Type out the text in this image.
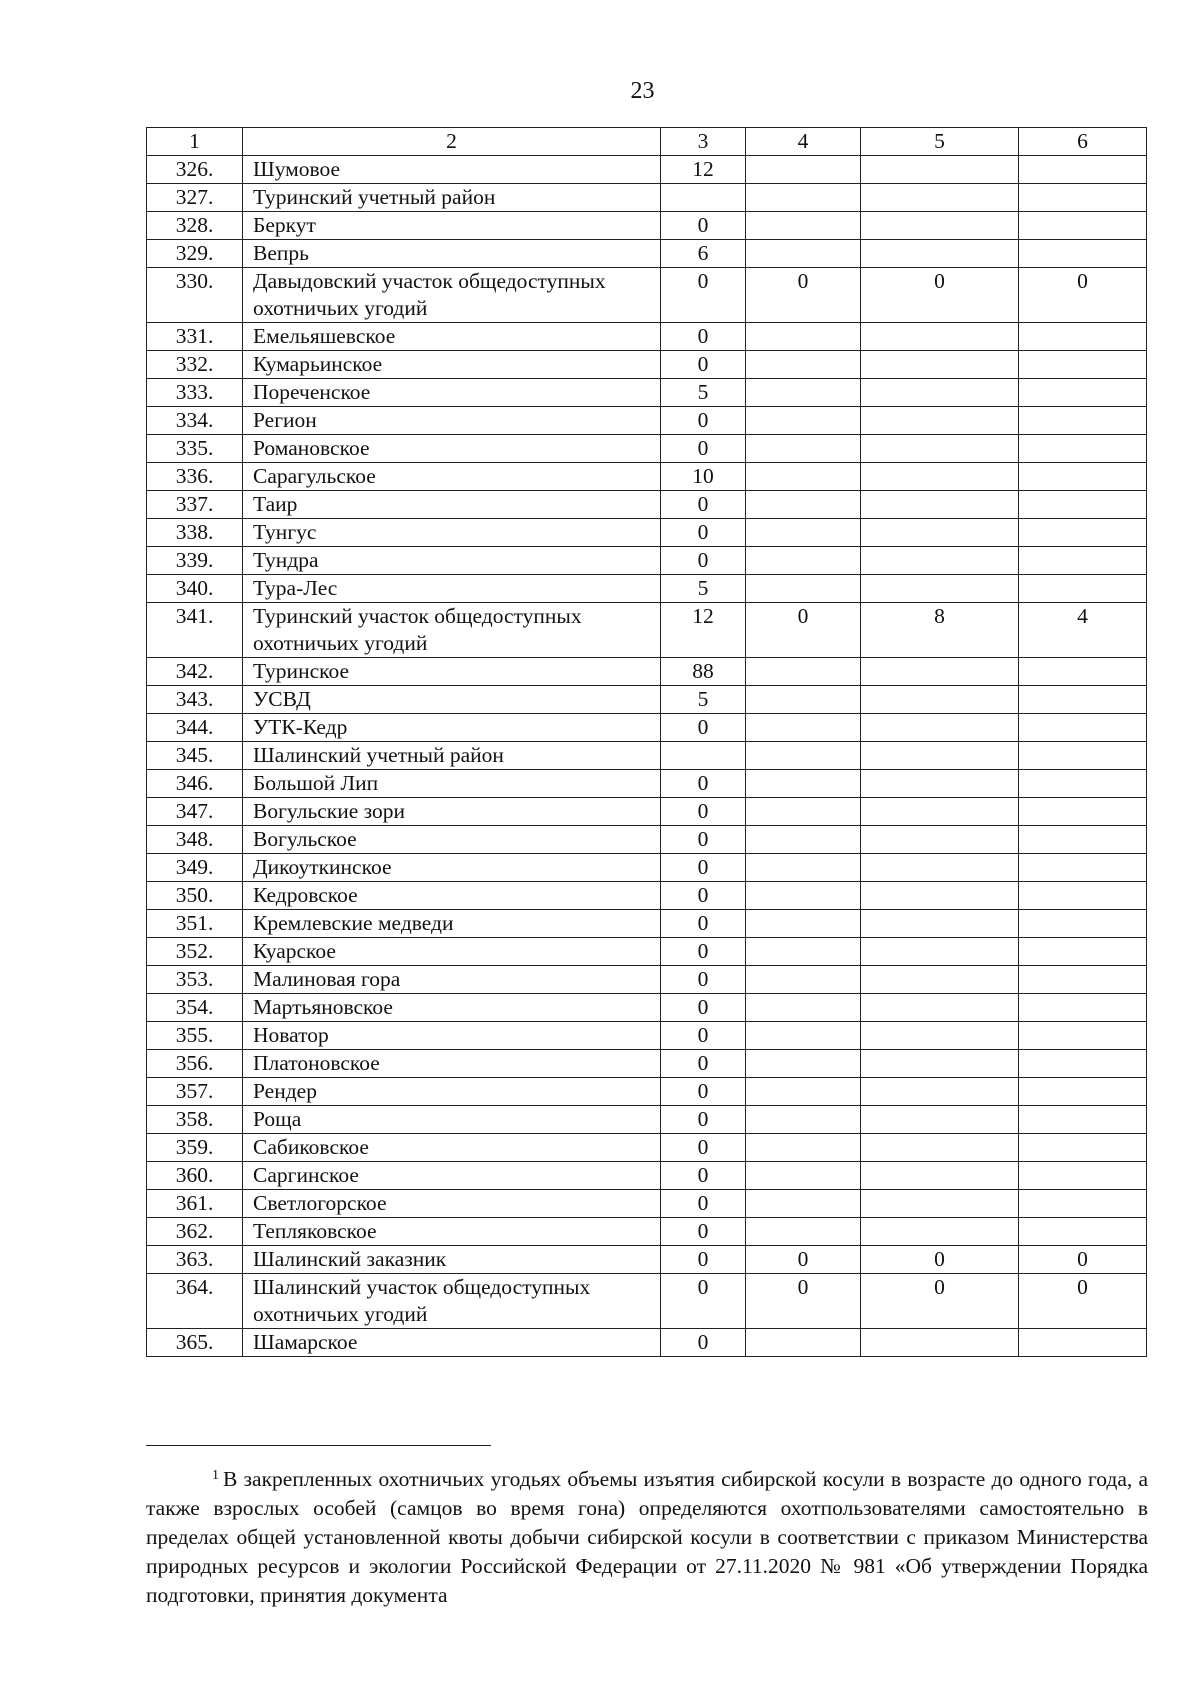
23
1	2	3	4	5	6
326.	Шумовое	12			
327.	Туринский учетный район				
328.	Беркут	0			
329.	Вепрь	6			
330.	Давыдовский участок общедоступных охотничьих угодий	0	0	0	0
331.	Емельяшевское	0			
332.	Кумарьинское	0			
333.	Пореченское	5			
334.	Регион	0			
335.	Романовское	0			
336.	Сарагульское	10			
337.	Таир	0			
338.	Тунгус	0			
339.	Тундра	0			
340.	Тура-Лес	5			
341.	Туринский участок общедоступных охотничьих угодий	12	0	8	4
342.	Туринское	88			
343.	УСВД	5			
344.	УТК-Кедр	0			
345.	Шалинский учетный район				
346.	Большой Лип	0			
347.	Вогульские зори	0			
348.	Вогульское	0			
349.	Дикоуткинское	0			
350.	Кедровское	0			
351.	Кремлевские медведи	0			
352.	Куарское	0			
353.	Малиновая гора	0			
354.	Мартьяновское	0			
355.	Новатор	0			
356.	Платоновское	0			
357.	Рендер	0			
358.	Роща	0			
359.	Сабиковское	0			
360.	Саргинское	0			
361.	Светлогорское	0			
362.	Тепляковское	0			
363.	Шалинский заказник	0	0	0	0
364.	Шалинский участок общедоступных охотничьих угодий	0	0	0	0
365.	Шамарское	0			
$^1$ В закрепленных охотничьих угодьях объемы изъятия сибирской косули в возрасте до одного года, а также взрослых особей (самцов во время гона) определяются охотпользователями самостоятельно в пределах общей установленной квоты добычи сибирской косули в соответствии с приказом Министерства природных ресурсов и экологии Российской Федерации от 27.11.2020 № 981 «Об утверждении Порядка подготовки, принятия документа
